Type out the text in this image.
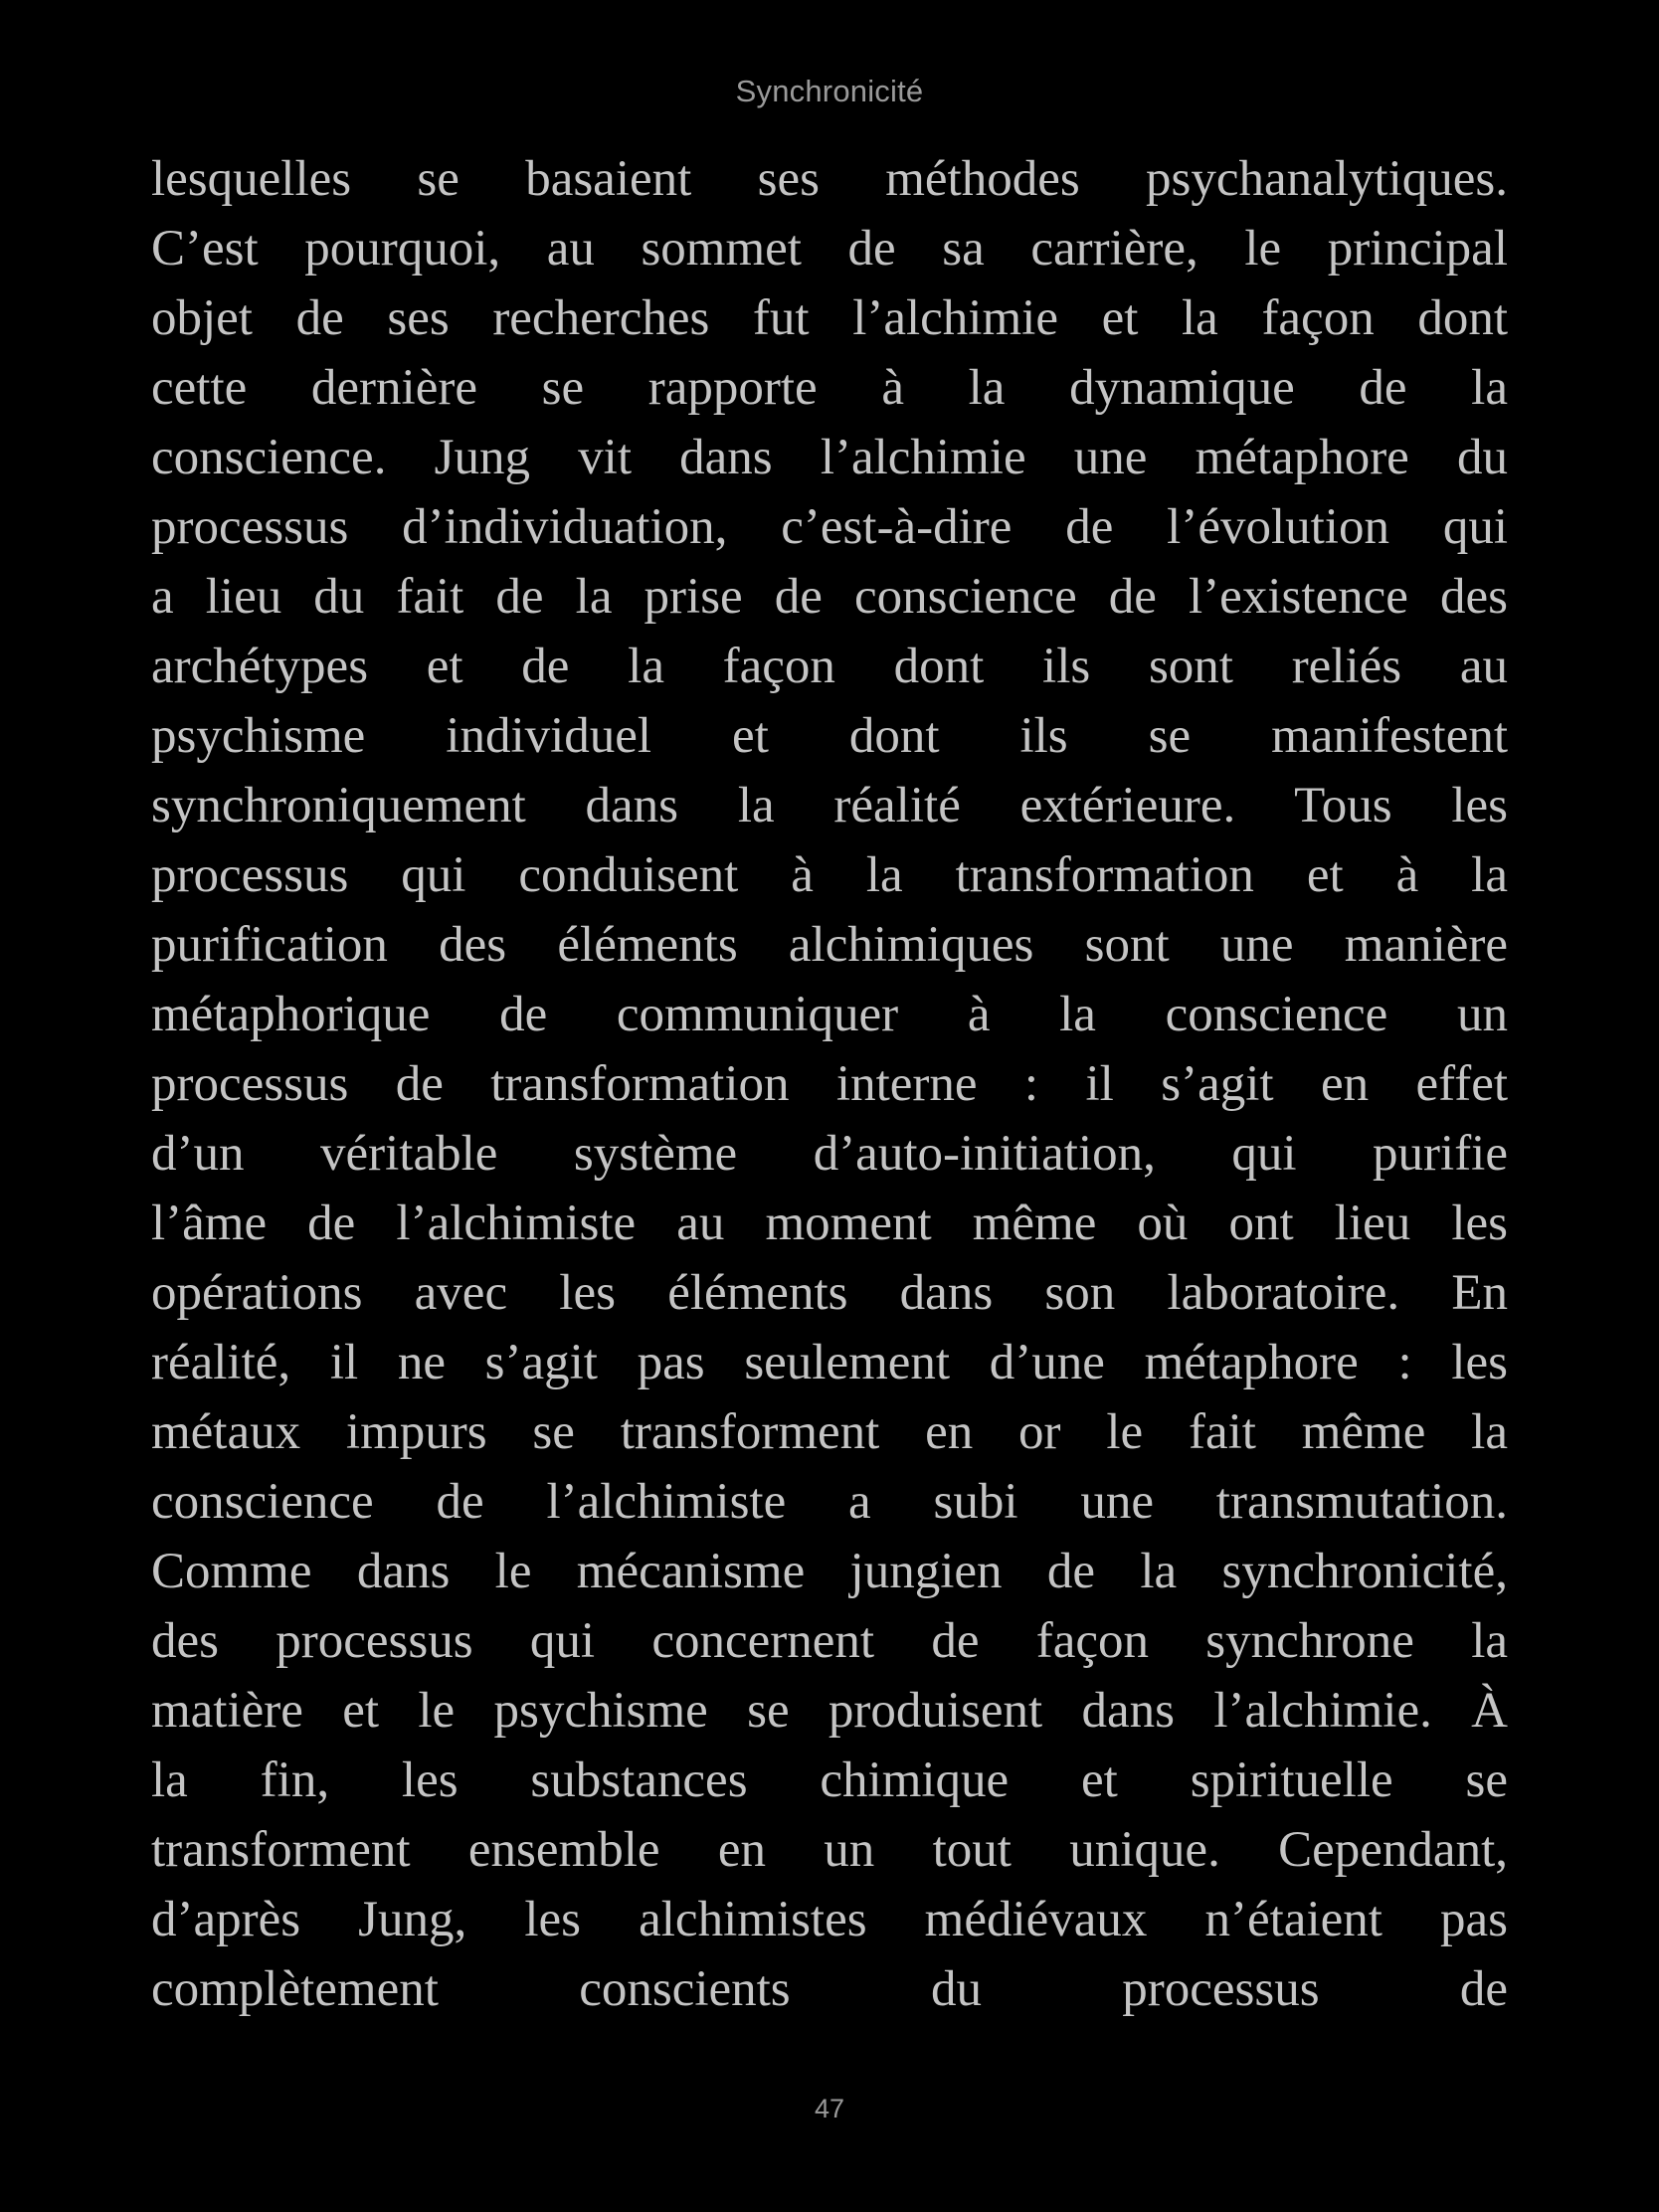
Synchronicité
lesquelles se basaient ses méthodes psychanalytiques.
C’est pourquoi, au sommet de sa carrière, le principal
objet de ses recherches fut l’alchimie et la façon dont
cette dernière se rapporte à la dynamique de la
conscience. Jung vit dans l’alchimie une métaphore du
processus d’individuation, c’est-à-dire de l’évolution qui
a lieu du fait de la prise de conscience de l’existence des
archétypes et de la façon dont ils sont reliés au
psychisme individuel et dont ils se manifestent
synchroniquement dans la réalité extérieure. Tous les
processus qui conduisent à la transformation et à la
purification des éléments alchimiques sont une manière
métaphorique de communiquer à la conscience un
processus de transformation interne : il s’agit en effet
d’un véritable système d’auto-initiation, qui purifie
l’âme de l’alchimiste au moment même où ont lieu les
opérations avec les éléments dans son laboratoire. En
réalité, il ne s’agit pas seulement d’une métaphore : les
métaux impurs se transforment en or le fait même la
conscience de l’alchimiste a subi une transmutation.
Comme dans le mécanisme jungien de la synchronicité,
des processus qui concernent de façon synchrone la
matière et le psychisme se produisent dans l’alchimie. À
la fin, les substances chimique et spirituelle se
transforment ensemble en un tout unique. Cependant,
d’après Jung, les alchimistes médiévaux n’étaient pas
complètement conscients du processus de
47
